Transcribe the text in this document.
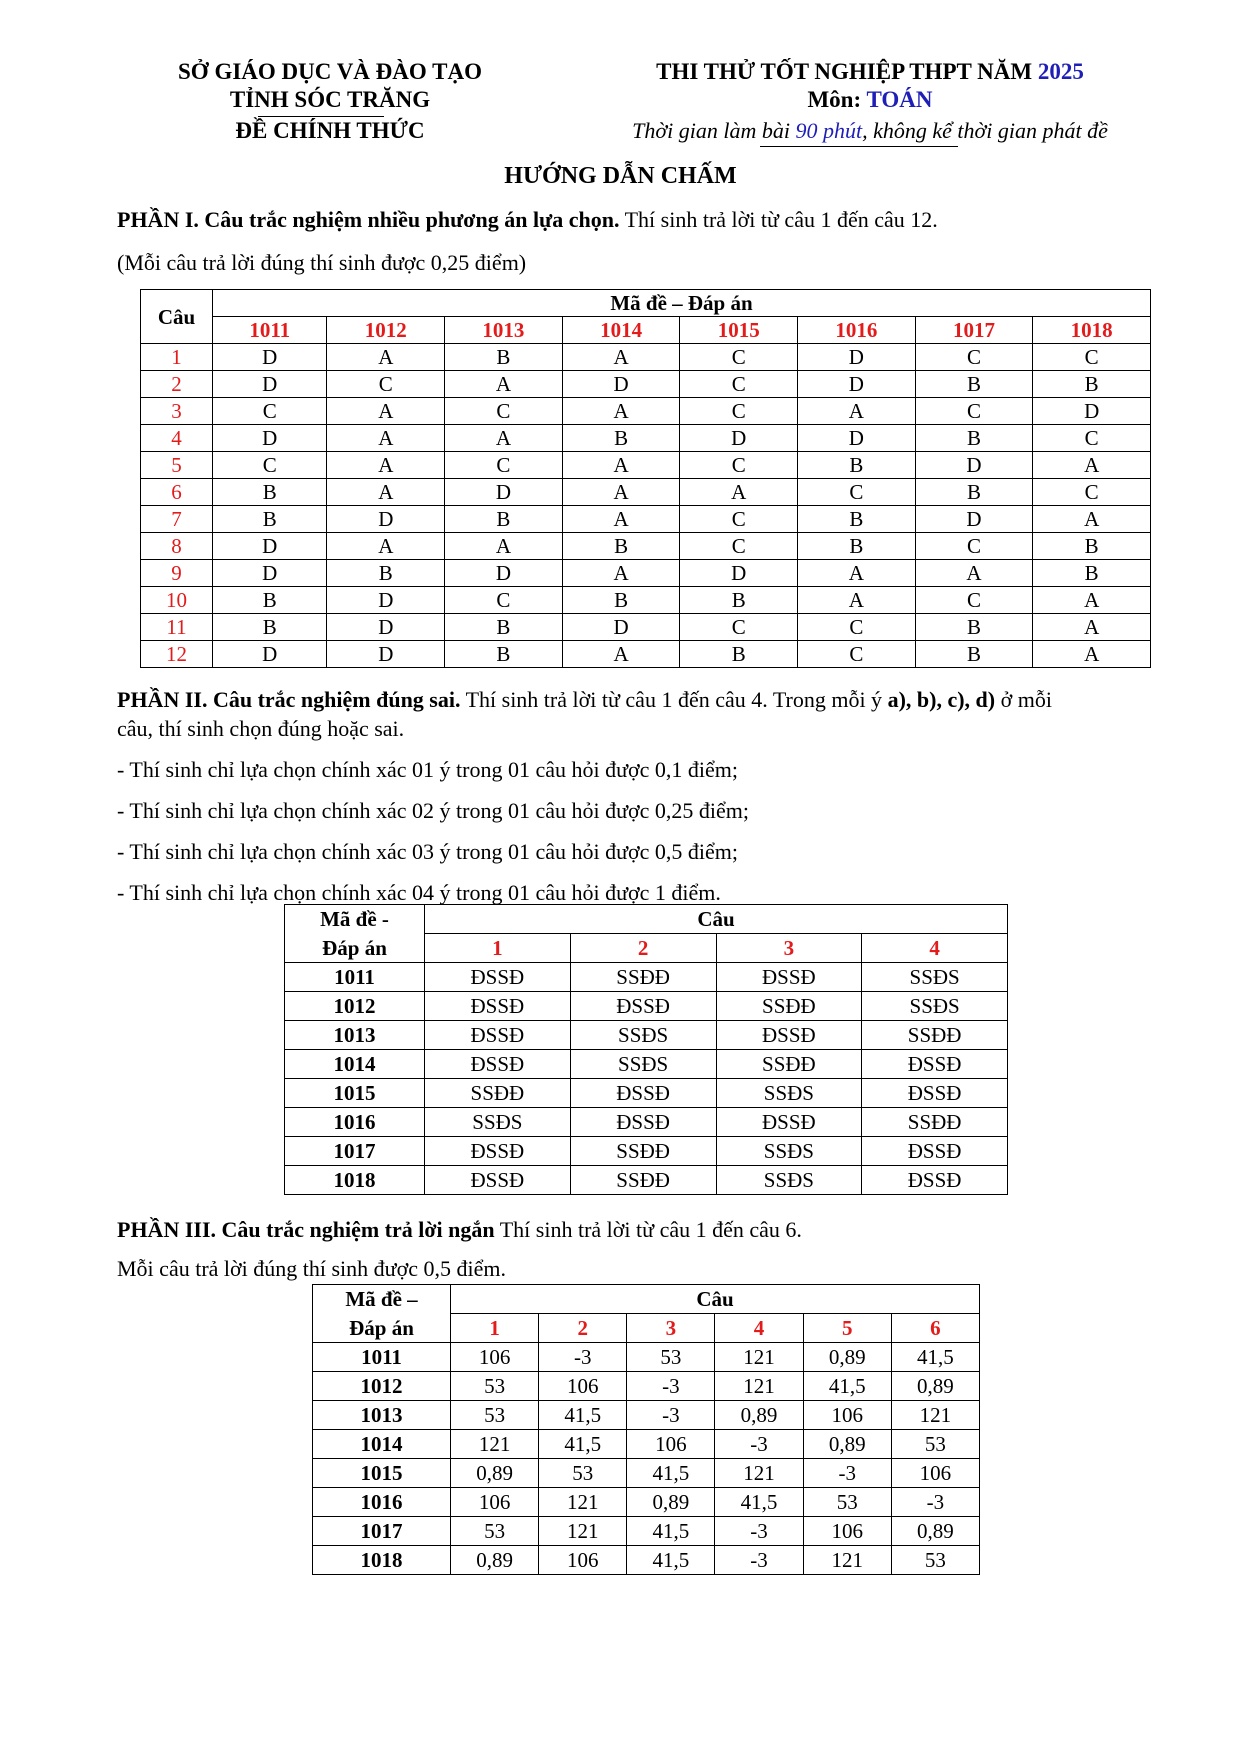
SỞ GIÁO DỤC VÀ ĐÀO TẠO
TỈNH SÓC TRĂNG
ĐỀ CHÍNH THỨC
THI THỬ TỐT NGHIỆP THPT NĂM 2025
Môn: TOÁN
Thời gian làm bài 90 phút, không kể thời gian phát đề
HƯỚNG DẪN CHẤM
PHẦN I. Câu trắc nghiệm nhiều phương án lựa chọn. Thí sinh trả lời từ câu 1 đến câu 12.
(Mỗi câu trả lời đúng thí sinh được 0,25 điểm)
Câu	Mã đề – Đáp án							
	1011	1012	1013	1014	1015	1016	1017	1018
1	D	A	B	A	C	D	C	C
2	D	C	A	D	C	D	B	B
3	C	A	C	A	C	A	C	D
4	D	A	A	B	D	D	B	C
5	C	A	C	A	C	B	D	A
6	B	A	D	A	A	C	B	C
7	B	D	B	A	C	B	D	A
8	D	A	A	B	C	B	C	B
9	D	B	D	A	D	A	A	B
10	B	D	C	B	B	A	C	A
11	B	D	B	D	C	C	B	A
12	D	D	B	A	B	C	B	A
PHẦN II. Câu trắc nghiệm đúng sai. Thí sinh trả lời từ câu 1 đến câu 4. Trong mỗi ý a), b), c), d) ở mỗi
câu, thí sinh chọn đúng hoặc sai.
- Thí sinh chỉ lựa chọn chính xác 01 ý trong 01 câu hỏi được 0,1 điểm;
- Thí sinh chỉ lựa chọn chính xác 02 ý trong 01 câu hỏi được 0,25 điểm;
- Thí sinh chỉ lựa chọn chính xác 03 ý trong 01 câu hỏi được 0,5 điểm;
- Thí sinh chỉ lựa chọn chính xác 04 ý trong 01 câu hỏi được 1 điểm.
Mã đề -	Câu			
Đáp án	1	2	3	4
1011	ĐSSĐ	SSĐĐ	ĐSSĐ	SSĐS
1012	ĐSSĐ	ĐSSĐ	SSĐĐ	SSĐS
1013	ĐSSĐ	SSĐS	ĐSSĐ	SSĐĐ
1014	ĐSSĐ	SSĐS	SSĐĐ	ĐSSĐ
1015	SSĐĐ	ĐSSĐ	SSĐS	ĐSSĐ
1016	SSĐS	ĐSSĐ	ĐSSĐ	SSĐĐ
1017	ĐSSĐ	SSĐĐ	SSĐS	ĐSSĐ
1018	ĐSSĐ	SSĐĐ	SSĐS	ĐSSĐ
PHẦN III. Câu trắc nghiệm trả lời ngắn Thí sinh trả lời từ câu 1 đến câu 6.
Mỗi câu trả lời đúng thí sinh được 0,5 điểm.
Mã đề –	Câu					
Đáp án	1	2	3	4	5	6
1011	106	-3	53	121	0,89	41,5
1012	53	106	-3	121	41,5	0,89
1013	53	41,5	-3	0,89	106	121
1014	121	41,5	106	-3	0,89	53
1015	0,89	53	41,5	121	-3	106
1016	106	121	0,89	41,5	53	-3
1017	53	121	41,5	-3	106	0,89
1018	0,89	106	41,5	-3	121	53
